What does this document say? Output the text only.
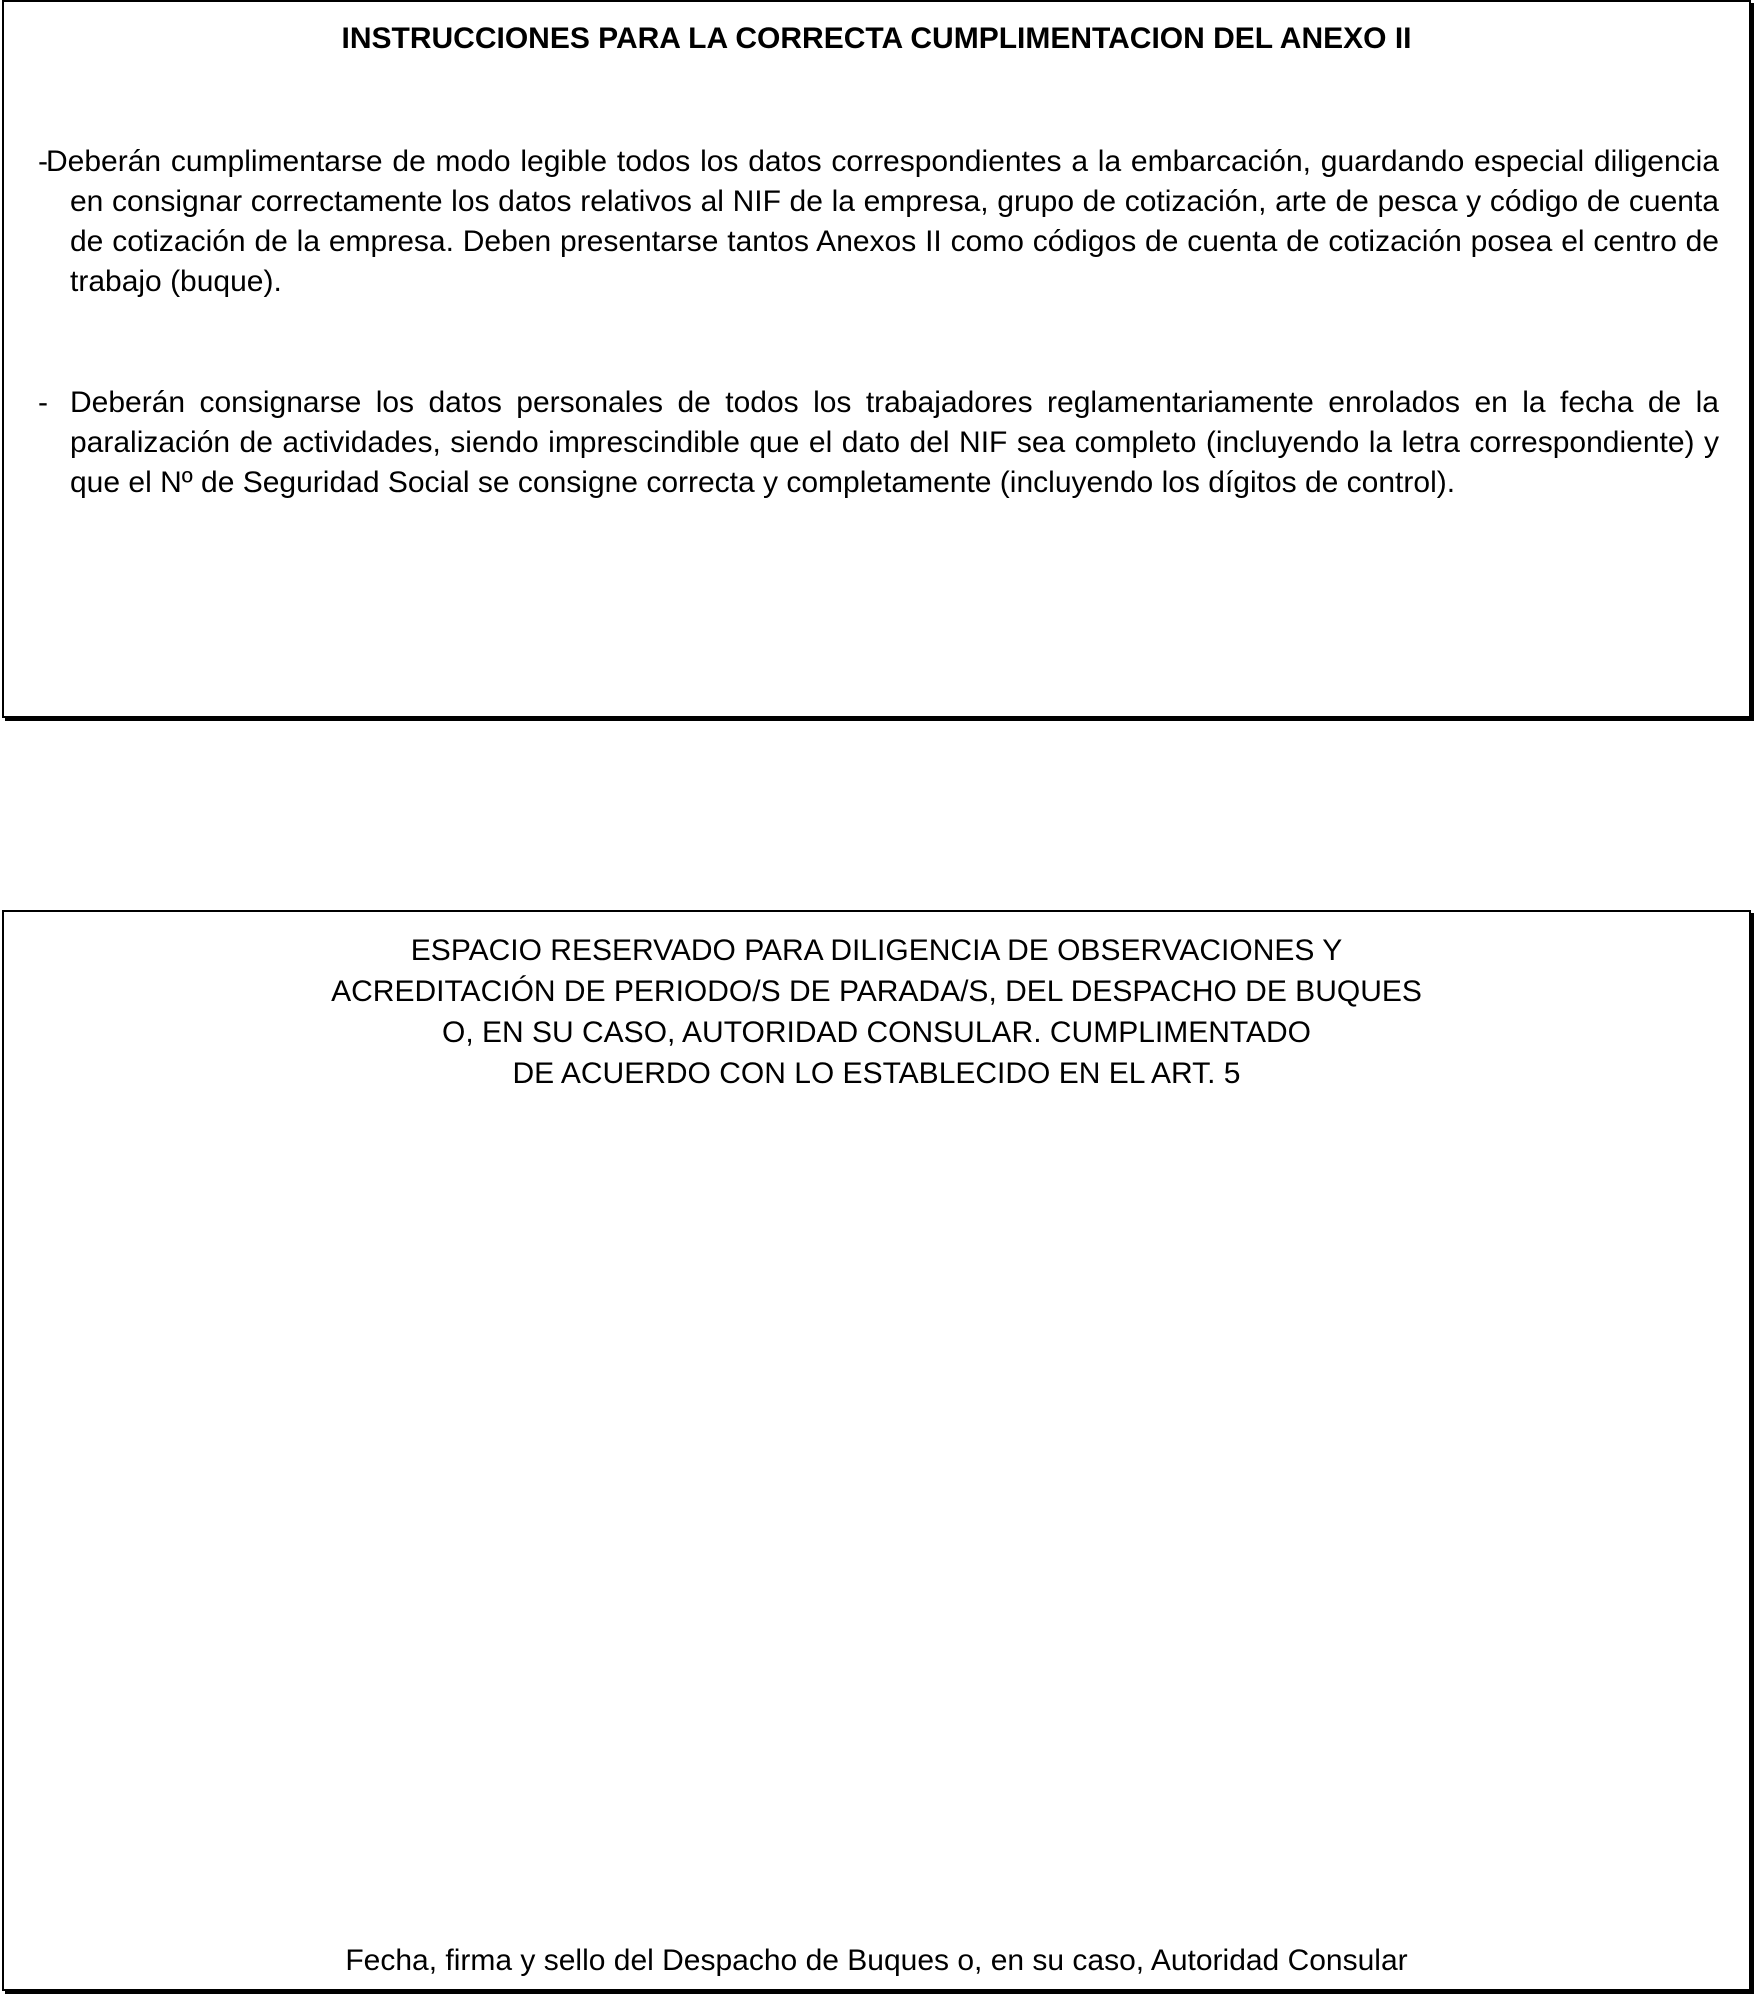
INSTRUCCIONES PARA LA CORRECTA CUMPLIMENTACION DEL ANEXO II
-
Deberán cumplimentarse de modo legible todos los datos correspondientes a la embarcación, guardando especial diligencia en consignar correctamente los datos relativos al NIF de la empresa, grupo de cotización, arte de pesca y código de cuenta de cotización de la empresa. Deben presentarse tantos Anexos II como códigos de cuenta de cotización posea el centro de trabajo (buque).
- Deberán consignarse los datos personales de todos los trabajadores reglamentariamente enrolados en la fecha de la paralización de actividades, siendo imprescindible que el dato del NIF sea completo (incluyendo la letra correspondiente) y que el Nº de Seguridad Social se consigne correcta y completamente (incluyendo los dígitos de control).
ESPACIO RESERVADO PARA DILIGENCIA DE OBSERVACIONES Y
ACREDITACIÓN DE PERIODO/S DE PARADA/S, DEL DESPACHO DE BUQUES
O, EN SU CASO, AUTORIDAD CONSULAR. CUMPLIMENTADO
DE ACUERDO CON LO ESTABLECIDO EN EL ART. 5
Fecha, firma y sello del Despacho de Buques o, en su caso, Autoridad Consular
